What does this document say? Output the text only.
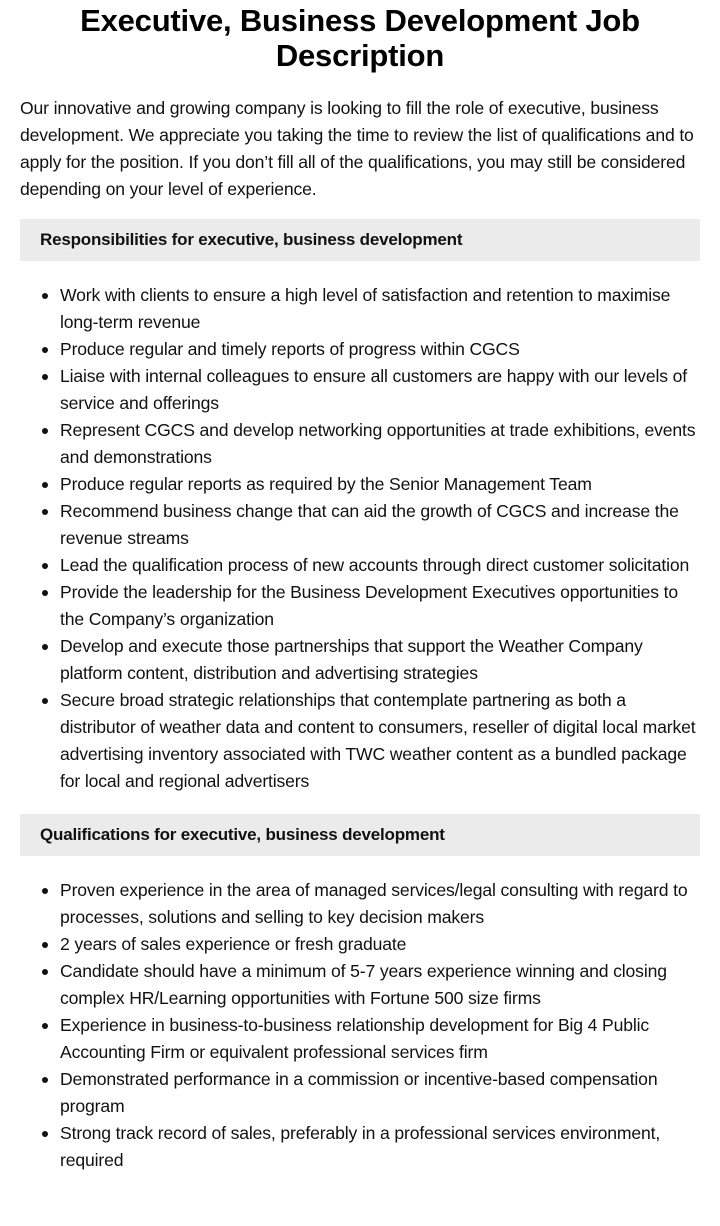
Executive, Business Development Job Description

Our innovative and growing company is looking to fill the role of executive, business development. We appreciate you taking the time to review the list of qualifications and to apply for the position. If you don’t fill all of the qualifications, you may still be considered depending on your level of experience.

Responsibilities for executive, business development
Work with clients to ensure a high level of satisfaction and retention to maximise long-term revenue
Produce regular and timely reports of progress within CGCS
Liaise with internal colleagues to ensure all customers are happy with our levels of service and offerings
Represent CGCS and develop networking opportunities at trade exhibitions, events and demonstrations
Produce regular reports as required by the Senior Management Team
Recommend business change that can aid the growth of CGCS and increase the revenue streams
Lead the qualification process of new accounts through direct customer solicitation
Provide the leadership for the Business Development Executives opportunities to the Company’s organization
Develop and execute those partnerships that support the Weather Company platform content, distribution and advertising strategies
Secure broad strategic relationships that contemplate partnering as both a distributor of weather data and content to consumers, reseller of digital local market advertising inventory associated with TWC weather content as a bundled package for local and regional advertisers
Qualifications for executive, business development
Proven experience in the area of managed services/legal consulting with regard to processes, solutions and selling to key decision makers
2 years of sales experience or fresh graduate
Candidate should have a minimum of 5-7 years experience winning and closing complex HR/Learning opportunities with Fortune 500 size firms
Experience in business-to-business relationship development for Big 4 Public Accounting Firm or equivalent professional services firm
Demonstrated performance in a commission or incentive-based compensation program
Strong track record of sales, preferably in a professional services environment, required
